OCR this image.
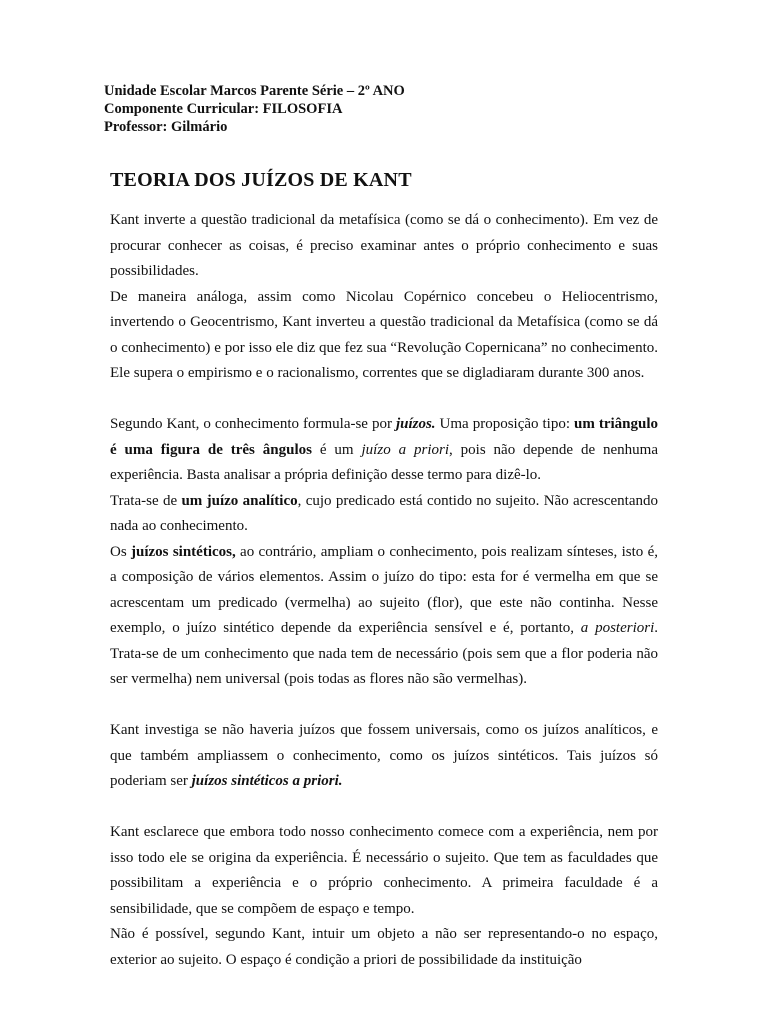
Unidade Escolar Marcos Parente Série – 2º ANO
Componente Curricular: FILOSOFIA
Professor: Gilmário
TEORIA DOS JUÍZOS DE KANT

Kant inverte a questão tradicional da metafísica (como se dá o conhecimento). Em vez de procurar conhecer as coisas, é preciso examinar antes o próprio conhecimento e suas possibilidades.

De maneira análoga, assim como Nicolau Copérnico concebeu o Heliocentrismo, invertendo o Geocentrismo, Kant inverteu a questão tradicional da Metafísica (como se dá o conhecimento) e por isso ele diz que fez sua “Revolução Copernicana” no conhecimento. Ele supera o empirismo e o racionalismo, correntes que se digladiaram durante 300 anos.

Segundo Kant, o conhecimento formula-se por juízos. Uma proposição tipo: um triângulo é uma figura de três ângulos é um juízo a priori, pois não depende de nenhuma experiência. Basta analisar a própria definição desse termo para dizê-lo.

Trata-se de um juízo analítico, cujo predicado está contido no sujeito. Não acrescentando nada ao conhecimento.

Os juízos sintéticos, ao contrário, ampliam o conhecimento, pois realizam sínteses, isto é, a composição de vários elementos. Assim o juízo do tipo: esta for é vermelha em que se acrescentam um predicado (vermelha) ao sujeito (flor), que este não continha. Nesse exemplo, o juízo sintético depende da experiência sensível e é, portanto, a posteriori. Trata-se de um conhecimento que nada tem de necessário (pois sem que a flor poderia não ser vermelha) nem universal (pois todas as flores não são vermelhas).

Kant investiga se não haveria juízos que fossem universais, como os juízos analíticos, e que também ampliassem o conhecimento, como os juízos sintéticos. Tais juízos só poderiam ser juízos sintéticos a priori.

Kant esclarece que embora todo nosso conhecimento comece com a experiência, nem por isso todo ele se origina da experiência. É necessário o sujeito. Que tem as faculdades que possibilitam a experiência e o próprio conhecimento. A primeira faculdade é a sensibilidade, que se compõem de espaço e tempo.

Não é possível, segundo Kant, intuir um objeto a não ser representando-o no espaço, exterior ao sujeito. O espaço é condição a priori de possibilidade da instituição
